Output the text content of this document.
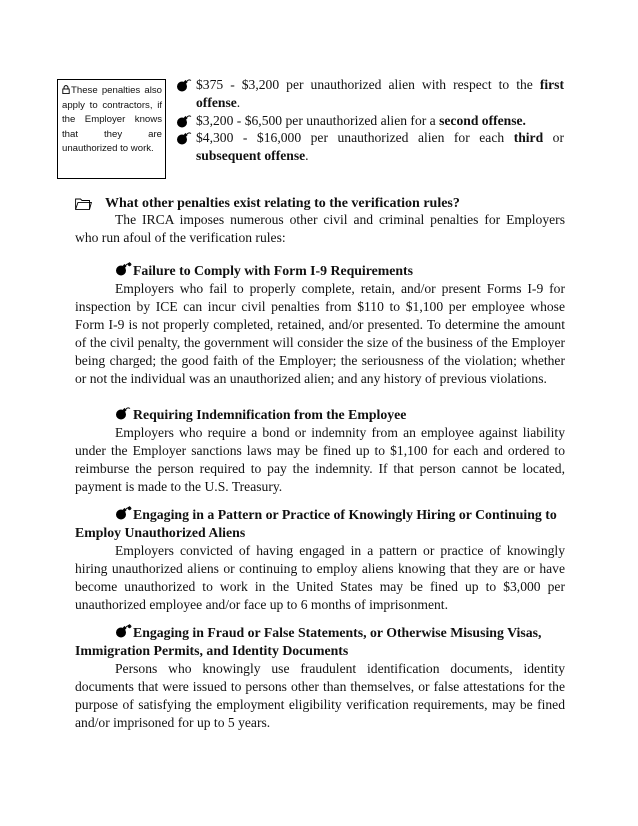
These penalties also apply to contractors, if the Employer knows that they are unauthorized to work.
$375 - $3,200 per unauthorized alien with respect to the first offense.
$3,200 - $6,500 per unauthorized alien for a second offense.
$4,300 - $16,000 per unauthorized alien for each third or subsequent offense.
What other penalties exist relating to the verification rules?

The IRCA imposes numerous other civil and criminal penalties for Employers who run afoul of the verification rules:

Failure to Comply with Form I-9 Requirements

Employers who fail to properly complete, retain, and/or present Forms I-9 for inspection by ICE can incur civil penalties from $110 to $1,100 per employee whose Form I-9 is not properly completed, retained, and/or presented. To determine the amount of the civil penalty, the government will consider the size of the business of the Employer being charged; the good faith of the Employer; the seriousness of the violation; whether or not the individual was an unauthorized alien; and any history of previous violations.

Requiring Indemnification from the Employee

Employers who require a bond or indemnity from an employee against liability under the Employer sanctions laws may be fined up to $1,100 for each and ordered to reimburse the person required to pay the indemnity. If that person cannot be located, payment is made to the U.S. Treasury.

Engaging in a Pattern or Practice of Knowingly Hiring or Continuing to Employ Unauthorized Aliens

Employers convicted of having engaged in a pattern or practice of knowingly hiring unauthorized aliens or continuing to employ aliens knowing that they are or have become unauthorized to work in the United States may be fined up to $3,000 per unauthorized employee and/or face up to 6 months of imprisonment.

Engaging in Fraud or False Statements, or Otherwise Misusing Visas, Immigration Permits, and Identity Documents

Persons who knowingly use fraudulent identification documents, identity documents that were issued to persons other than themselves, or false attestations for the purpose of satisfying the employment eligibility verification requirements, may be fined and/or imprisoned for up to 5 years.
